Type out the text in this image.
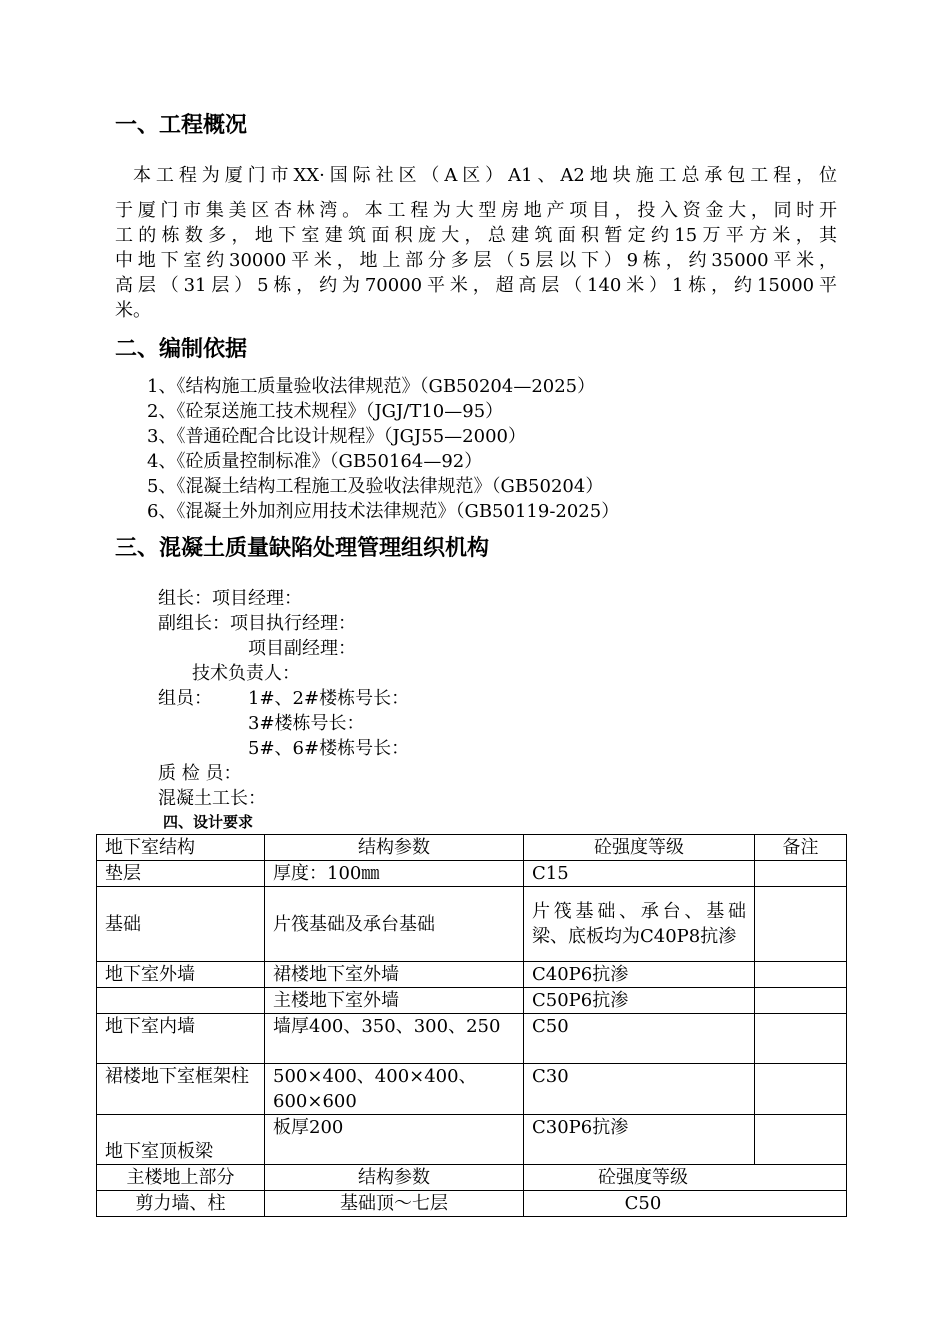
一、工程概况
本工程为厦门市XX·国际社区（A区）A1、A2地块施工总承包工程，位
于厦门市集美区杏林湾。本工程为大型房地产项目，投入资金大，同时开
工的栋数多，地下室建筑面积庞大，总建筑面积暂定约15万平方米，其
中地下室约30000平米，地上部分多层（5层以下）9栋，约35000平米，
高层（31层）5栋，约为70000平米，超高层（140米）1栋，约15000平
米。
二、编制依据
1、《结构施工质量验收法律规范》（GB50204—2025）
2、《砼泵送施工技术规程》（JGJ/T10—95）
3、《普通砼配合比设计规程》（JGJ55—2000）
4、《砼质量控制标准》（GB50164—92）
5、《混凝土结构工程施工及验收法律规范》（GB50204）
6、《混凝土外加剂应用技术法律规范》（GB50119-2025）
三、混凝土质量缺陷处理管理组织机构
组长：项目经理：
副组长：项目执行经理：
项目副经理：
技术负责人：
组员： 1#、2#楼栋号长：
3#楼栋号长：
5#、6#楼栋号长：
质 检 员：
混凝土工长：
四、设计要求
地下室结构	结构参数	砼强度等级	备注
垫层	厚度：100㎜	C15	
基础	片筏基础及承台基础	片筏基础、承台、基础梁、底板均为C40P8抗渗	
地下室外墙	裙楼地下室外墙	C40P6抗渗	
	主楼地下室外墙	C50P6抗渗	
地下室内墙	墙厚400、350、300、250	C50	
裙楼地下室框架柱	500×400、400×400、600×600	C30	
地下室顶板梁	板厚200	C30P6抗渗	
主楼地上部分	结构参数	砼强度等级	
剪力墙、柱	基础顶～七层	C50	
